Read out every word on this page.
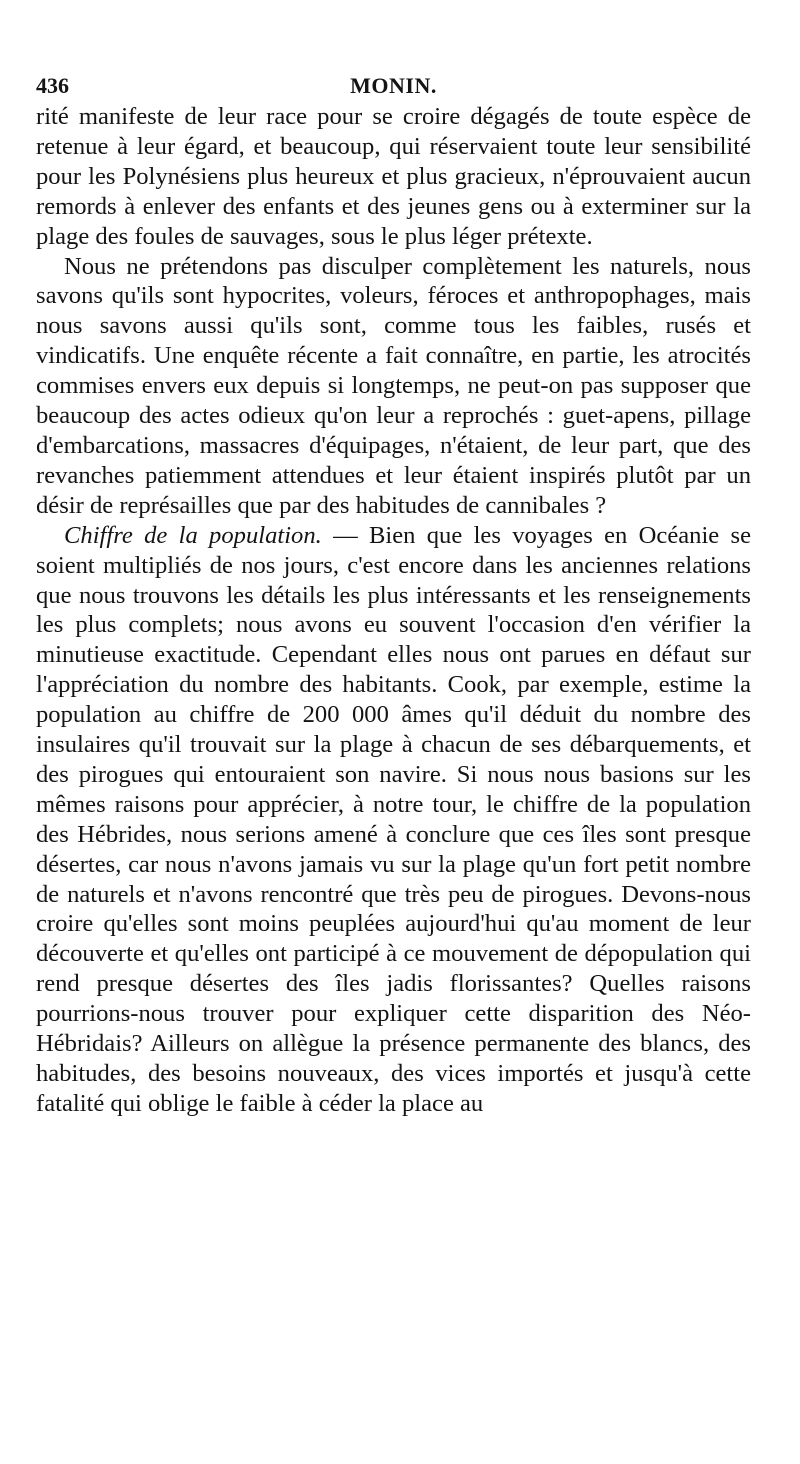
436	MONIN.

rité manifeste de leur race pour se croire dégagés de toute espèce de retenue à leur égard, et beaucoup, qui réservaient toute leur sensibilité pour les Polynésiens plus heureux et plus gracieux, n'éprouvaient aucun remords à enlever des enfants et des jeunes gens ou à exterminer sur la plage des foules de sauvages, sous le plus léger prétexte.

Nous ne prétendons pas disculper complètement les naturels, nous savons qu'ils sont hypocrites, voleurs, féroces et anthropophages, mais nous savons aussi qu'ils sont, comme tous les faibles, rusés et vindicatifs. Une enquête récente a fait connaître, en partie, les atrocités commises envers eux depuis si longtemps, ne peut-on pas supposer que beaucoup des actes odieux qu'on leur a reprochés : guet-apens, pillage d'embarcations, massacres d'équipages, n'étaient, de leur part, que des revanches patiemment attendues et leur étaient inspirés plutôt par un désir de représailles que par des habitudes de cannibales ?

Chiffre de la population. — Bien que les voyages en Océanie se soient multipliés de nos jours, c'est encore dans les anciennes relations que nous trouvons les détails les plus intéressants et les renseignements les plus complets; nous avons eu souvent l'occasion d'en vérifier la minutieuse exactitude. Cependant elles nous ont parues en défaut sur l'appréciation du nombre des habitants. Cook, par exemple, estime la population au chiffre de 200 000 âmes qu'il déduit du nombre des insulaires qu'il trouvait sur la plage à chacun de ses débarquements, et des pirogues qui entouraient son navire. Si nous nous basions sur les mêmes raisons pour apprécier, à notre tour, le chiffre de la population des Hébrides, nous serions amené à conclure que ces îles sont presque désertes, car nous n'avons jamais vu sur la plage qu'un fort petit nombre de naturels et n'avons rencontré que très peu de pirogues. Devons-nous croire qu'elles sont moins peuplées aujourd'hui qu'au moment de leur découverte et qu'elles ont participé à ce mouvement de dépopulation qui rend presque désertes des îles jadis florissantes? Quelles raisons pourrions-nous trouver pour expliquer cette disparition des Néo-Hébridais? Ailleurs on allègue la présence permanente des blancs, des habitudes, des besoins nouveaux, des vices importés et jusqu'à cette fatalité qui oblige le faible à céder la place au
